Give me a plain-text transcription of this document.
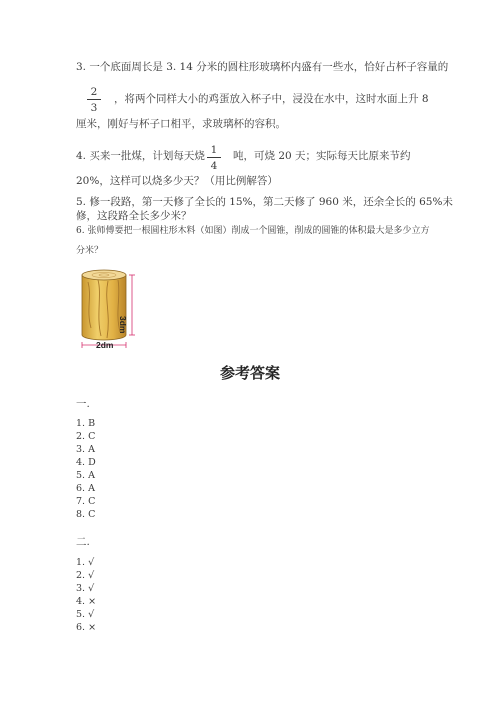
3. 一个底面周长是 3. 14 分米的圆柱形玻璃杯内盛有一些水，恰好占杯子容量的
2
3
，将两个同样大小的鸡蛋放入杯子中，浸没在水中，这时水面上升 8
厘米，刚好与杯子口相平，求玻璃杯的容积。
4. 买来一批煤，计划每天烧 1
4
吨，可烧 20 天；实际每天比原来节约
20%，这样可以烧多少天？（用比例解答）
5. 修一段路，第一天修了全长的 15%，第二天修了 960 米，还余全长的 65%未
修，这段路全长多少米？
6. 张师傅要把一根圆柱形木料（如图）削成一个圆锥，削成的圆锥的体积最大是多少立方
分米？
3dm
2dm
参考答案
一.
1. B
2. C
3. A
4. D
5. A
6. A
7. C
8. C
二.
1. √
2. √
3. √
4. ×
5. √
6. ×
